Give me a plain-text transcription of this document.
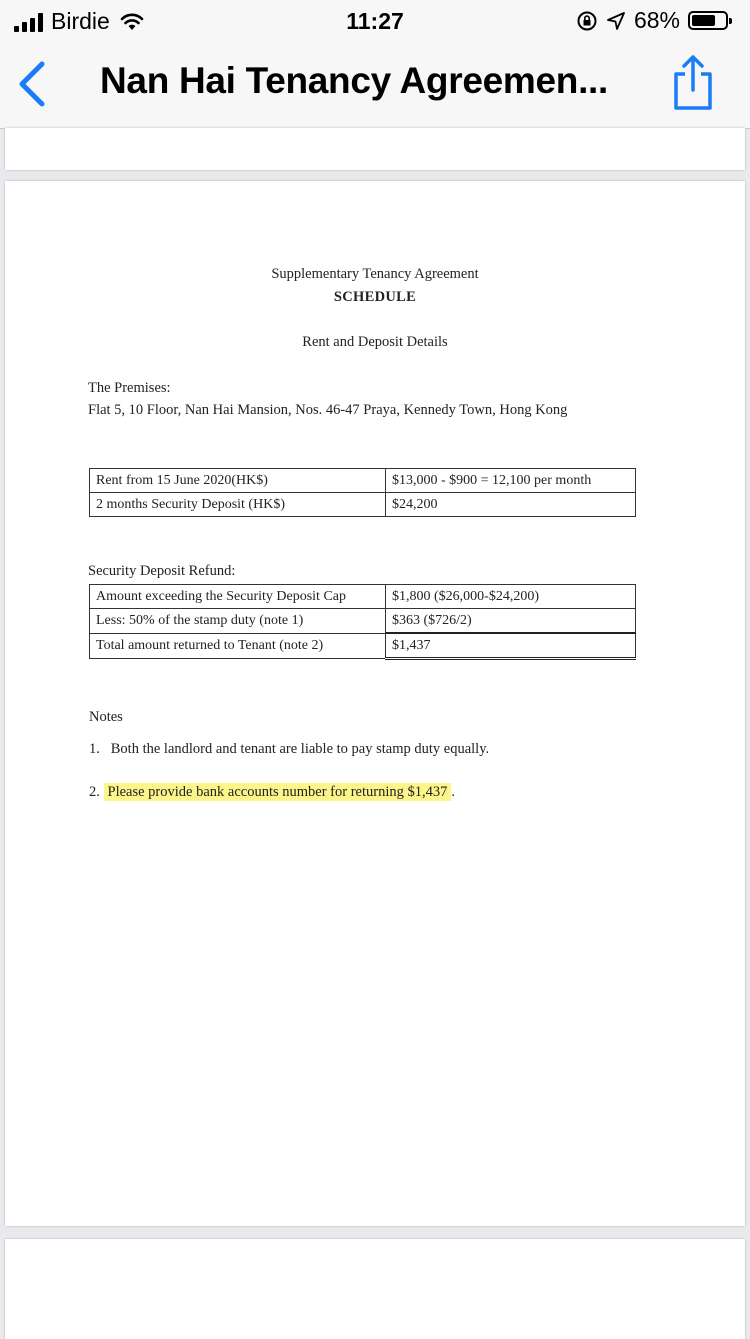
Birdie	11:27	68%
Nan Hai Tenancy Agreemen...
Supplementary Tenancy Agreement
SCHEDULE
Rent and Deposit Details
The Premises:
Flat 5, 10 Floor, Nan Hai Mansion, Nos. 46-47 Praya, Kennedy Town, Hong Kong
Rent from 15 June 2020(HK$)	$13,000 - $900 = 12,100 per month
2 months Security Deposit (HK$)	$24,200
Security Deposit Refund:
Amount exceeding the Security Deposit Cap	$1,800 ($26,000-$24,200)
Less: 50% of the stamp duty (note 1)	$363 ($726/2)
Total amount returned to Tenant (note 2)	$1,437
Notes
1. Both the landlord and tenant are liable to pay stamp duty equally.
2. Please provide bank accounts number for returning $1,437 .
